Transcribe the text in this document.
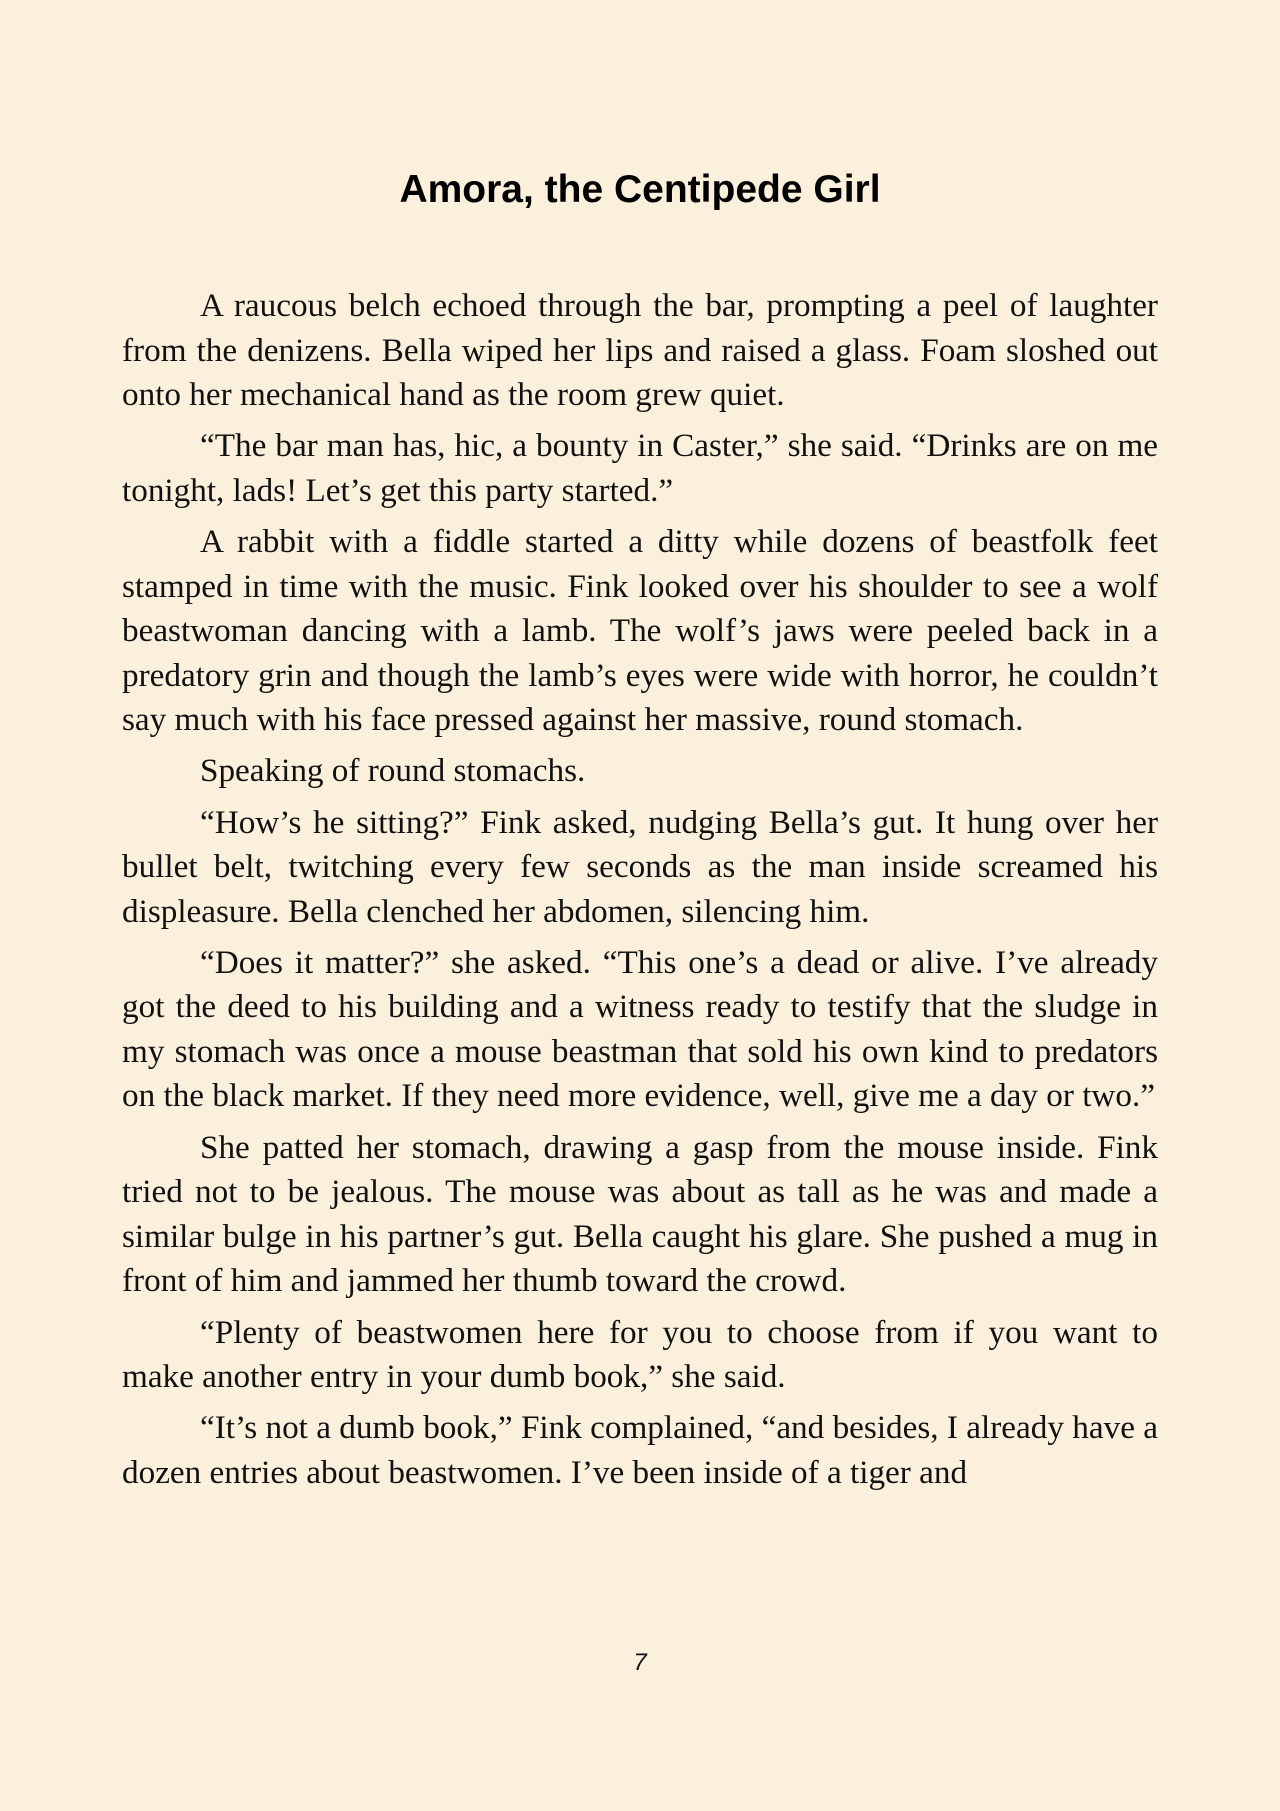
Amora, the Centipede Girl

A raucous belch echoed through the bar, prompting a peel of laughter from the denizens. Bella wiped her lips and raised a glass. Foam sloshed out onto her mechanical hand as the room grew quiet.

“The bar man has, hic, a bounty in Caster,” she said. “Drinks are on me tonight, lads! Let’s get this party started.”

A rabbit with a fiddle started a ditty while dozens of beastfolk feet stamped in time with the music. Fink looked over his shoulder to see a wolf beastwoman dancing with a lamb. The wolf’s jaws were peeled back in a predatory grin and though the lamb’s eyes were wide with horror, he couldn’t say much with his face pressed against her massive, round stomach.

Speaking of round stomachs.

“How’s he sitting?” Fink asked, nudging Bella’s gut. It hung over her bullet belt, twitching every few seconds as the man inside screamed his displeasure. Bella clenched her abdomen, silencing him.

“Does it matter?” she asked. “This one’s a dead or alive. I’ve already got the deed to his building and a witness ready to testify that the sludge in my stomach was once a mouse beastman that sold his own kind to predators on the black market. If they need more evidence, well, give me a day or two.”

She patted her stomach, drawing a gasp from the mouse inside. Fink tried not to be jealous. The mouse was about as tall as he was and made a similar bulge in his partner’s gut. Bella caught his glare. She pushed a mug in front of him and jammed her thumb toward the crowd.

“Plenty of beastwomen here for you to choose from if you want to make another entry in your dumb book,” she said.

“It’s not a dumb book,” Fink complained, “and besides, I already have a dozen entries about beastwomen. I’ve been inside of a tiger and

7
